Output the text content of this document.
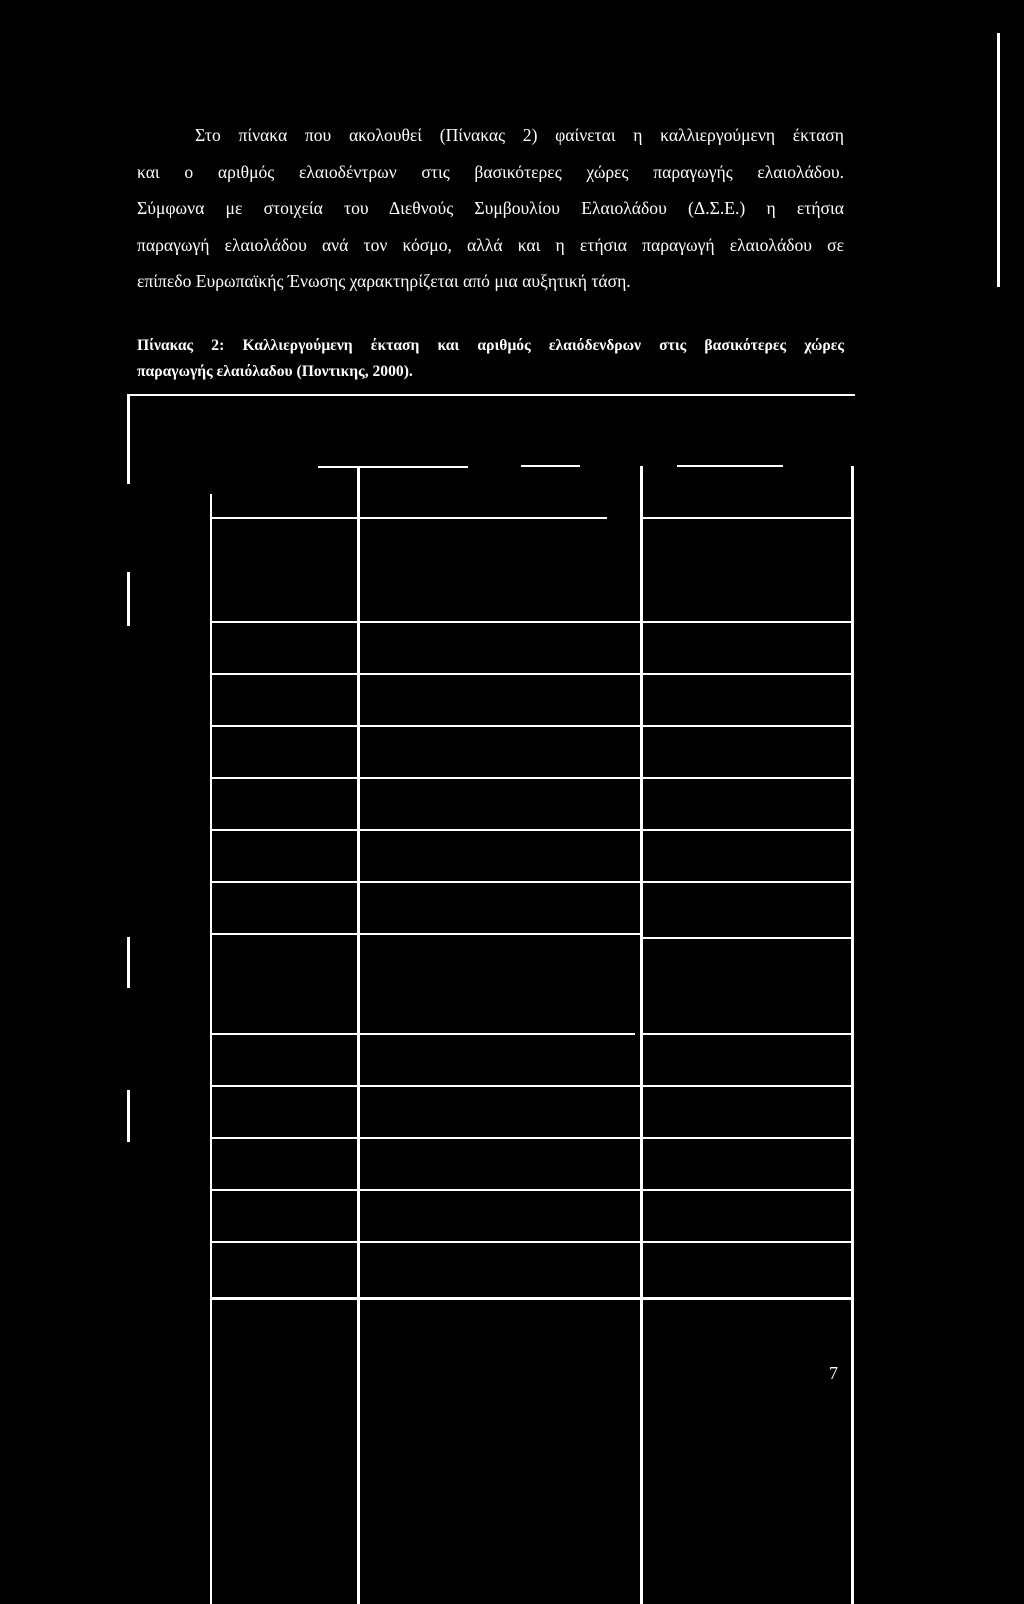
Στο πίνακα που ακολουθεί (Πίνακας 2) φαίνεται η καλλιεργούμενη έκταση
και ο αριθμός ελαιοδέντρων στις βασικότερες χώρες παραγωγής ελαιολάδου.
Σύμφωνα με στοιχεία του Διεθνούς Συμβουλίου Ελαιολάδου (Δ.Σ.Ε.) η ετήσια
παραγωγή ελαιολάδου ανά τον κόσμο, αλλά και η ετήσια παραγωγή ελαιολάδου σε
επίπεδο Ευρωπαϊκής Ένωσης χαρακτηρίζεται από μια αυξητική τάση.

Πίνακας 2: Καλλιεργούμενη έκταση και αριθμός ελαιόδενδρων στις βασικότερες χώρες
παραγωγής ελαιόλαδου (Ποντικης, 2000).

7
